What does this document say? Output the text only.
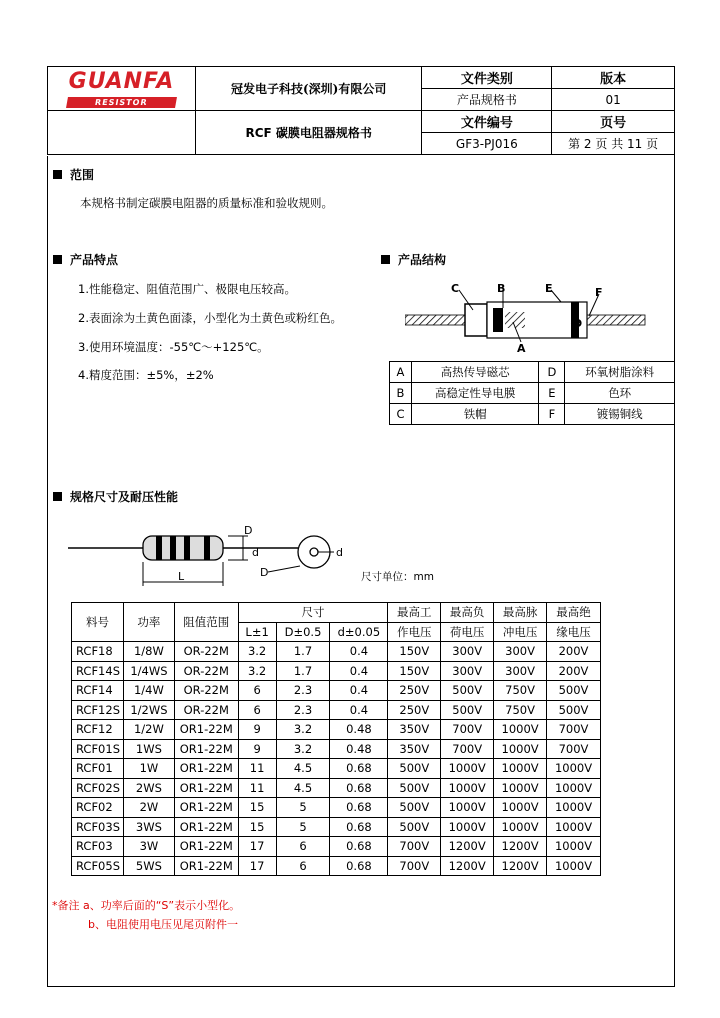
GUANFA
RESISTOR	冠发电子科技(深圳)有限公司	文件类别	版本
		产品规格书	01
	RCF 碳膜电阻器规格书	文件编号	页号
		GF3-PJ016	第 2 页 共 11 页
范围
本规格书制定碳膜电阻器的质量标准和验收规则。
产品特点
1.性能稳定、阻值范围广、极限电压较高。
2.表面涂为土黄色面漆，小型化为土黄色或粉红色。
3.使用环境温度：-55℃～+125℃。
4.精度范围：±5%，±2%
产品结构
C	B	E	F
A
D
A	高热传导磁芯	D	环氧树脂涂料
B	高稳定性导电膜	E	色环
C	铁帽	F	镀锡铜线
规格尺寸及耐压性能
L
D
d	d
D	尺寸单位：mm
料号	功率	阻值范围	尺寸			最高工	最高负	最高脉	最高绝
			L±1	D±0.5	d±0.05	作电压	荷电压	冲电压	缘电压
RCF18	1/8W	OR-22M	3.2	1.7	0.4	150V	300V	300V	200V
RCF14S	1/4WS	OR-22M	3.2	1.7	0.4	150V	300V	300V	200V
RCF14	1/4W	OR-22M	6	2.3	0.4	250V	500V	750V	500V
RCF12S	1/2WS	OR-22M	6	2.3	0.4	250V	500V	750V	500V
RCF12	1/2W	OR1-22M	9	3.2	0.48	350V	700V	1000V	700V
RCF01S	1WS	OR1-22M	9	3.2	0.48	350V	700V	1000V	700V
RCF01	1W	OR1-22M	11	4.5	0.68	500V	1000V	1000V	1000V
RCF02S	2WS	OR1-22M	11	4.5	0.68	500V	1000V	1000V	1000V
RCF02	2W	OR1-22M	15	5	0.68	500V	1000V	1000V	1000V
RCF03S	3WS	OR1-22M	15	5	0.68	500V	1000V	1000V	1000V
RCF03	3W	OR1-22M	17	6	0.68	700V	1200V	1200V	1000V
RCF05S	5WS	OR1-22M	17	6	0.68	700V	1200V	1200V	1000V
*备注 a、功率后面的“S”表示小型化。
b、电阻使用电压见尾页附件一
